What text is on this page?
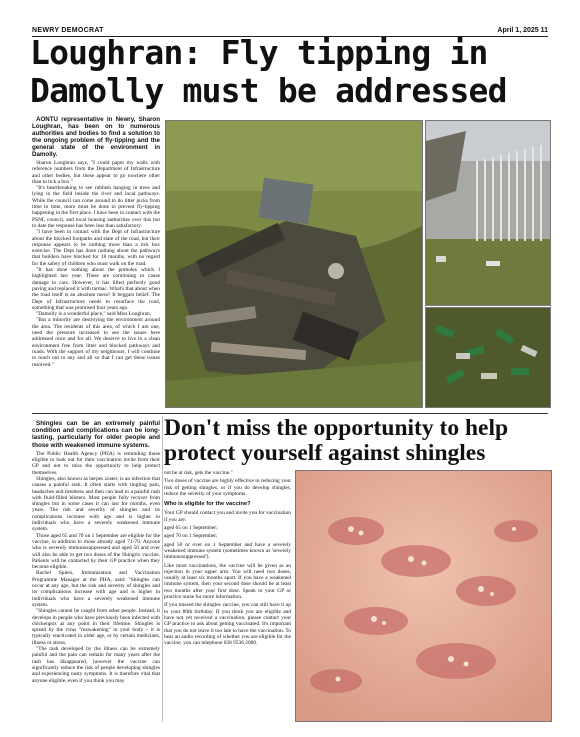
NEWRY DEMOCRAT	April 1, 2025 11
Loughran: Fly tipping in Damolly must be addressed

AONTÚ representative in Newry, Sharon Loughran, has been on to numerous authorities and bodies to find a solution to the ongoing problem of fly-tipping and the general state of the environment in Damolly.

Sharon Loughran says, "I could paper my walls with reference numbers from the Department of Infrastructure and other bodies, but these appear to go nowhere other than to tick a box."

"It's heartbreaking to see rubbish hanging in trees and lying in the field beside the river and local pathways. While the council can come around to do litter picks from time to time, more must be done to prevent fly-tipping happening in the first place. I have been in contact with the PSNI, council, and local housing authorities over this but to date the response has been less than satisfactory.

"I have been in contact with the Dept of Infrastructure about the blocked footpaths and state of the road, but their response appears to be nothing more than a tick box exercise. The Dept has done nothing about the pathways that builders have blocked for 18 months, with no regard for the safety of children who must walk on the road.

"It has done nothing about the potholes which I highlighted last year. These are continuing to cause damage to cars. However, it has lifted perfectly good paving and replaced it with tarmac. What's that about when the road itself is an absolute mess? It beggars belief. The Dept of Infrastructure needs to resurface the road, something that was promised four years ago.

"Damolly is a wonderful place," said Miss Loughran.

"But a minority are destroying the environment around the area. The residents of this area, of which I am one, need the pressure increased to see the issues here addressed once and for all. We deserve to live in a clean environment free from litter and blocked pathways and roads. With the support of my neighbours, I will continue to reach out to any and all so that I can get these issues resolved."

Shingles can be an extremely painful condition and complications can be long-lasting, particularly for older people and those with weakened immune systems.

The Public Health Agency (PHA) is reminding those eligible to look out for their vaccination invite from their GP and not to miss the opportunity to help protect themselves.

Shingles, also known as herpes zoster, is an infection that causes a painful rash. It often starts with tingling pain, headaches and tiredness and then can lead to a painful rash with fluid-filled blisters. Most people fully recover from shingles but in some cases it can last for months, even years. The risk and severity of shingles and its complications increase with age and is higher in individuals who have a severely weakened immune system.

Those aged 65 and 70 on 1 September are eligible for the vaccine, in addition to those already aged 71-79. Anyone who is severely immunosuppressed and aged 50 and over will also be able to get two doses of the Shingrix vaccine. Patients will be contacted by their GP practice when they become eligible.

Rachel Spiers, Immunisation and Vaccination Programme Manager at the PHA, said: "Shingles can occur at any age, but the risk and severity of shingles and its complications increase with age and is higher in individuals who have a severely weakened immune system.

"Shingles cannot be caught from other people. Instead, it develops in people who have previously been infected with chickenpox at any point in their lifetime. Shingles is spread by the virus "reawakening" in your body – it is typically reactivated in older age, or by certain medicines, illness or stress.

"The rash developed by the illness can be extremely painful and the pain can remain for many years after the rash has disappeared, however the vaccine can significantly reduce the risk of people developing shingles and experiencing nasty symptoms. It is therefore vital that anyone eligible, even if you think you may

Don't miss the opportunity to help protect yourself against shingles

not be at risk, gets the vaccine."

Two doses of vaccine are highly effective in reducing your risk of getting shingles, or if you do develop shingles, reduce the severity of your symptoms.

Who is eligible for the vaccine?

Your GP should contact you and invite you for vaccination if you are:

aged 65 on 1 September;

aged 70 on 1 September;

aged 50 or over on 1 September and have a severely weakened immune system (sometimes known as 'severely immunosuppressed').

Like most vaccinations, the vaccine will be given as an injection in your upper arm. You will need two doses, usually at least six months apart. If you have a weakened immune system, then your second dose should be at least two months after your first dose. Speak to your GP or practice nurse for more information.

If you missed the shingles vaccine, you can still have it up to your 80th birthday. If you think you are eligible and have not yet received a vaccination, please contact your GP practice to ask about getting vaccinated. It's important that you do not leave it too late to have the vaccination. To hear an audio recording of whether you are eligible for the vaccine, you can telephone 028 9536 2000.
